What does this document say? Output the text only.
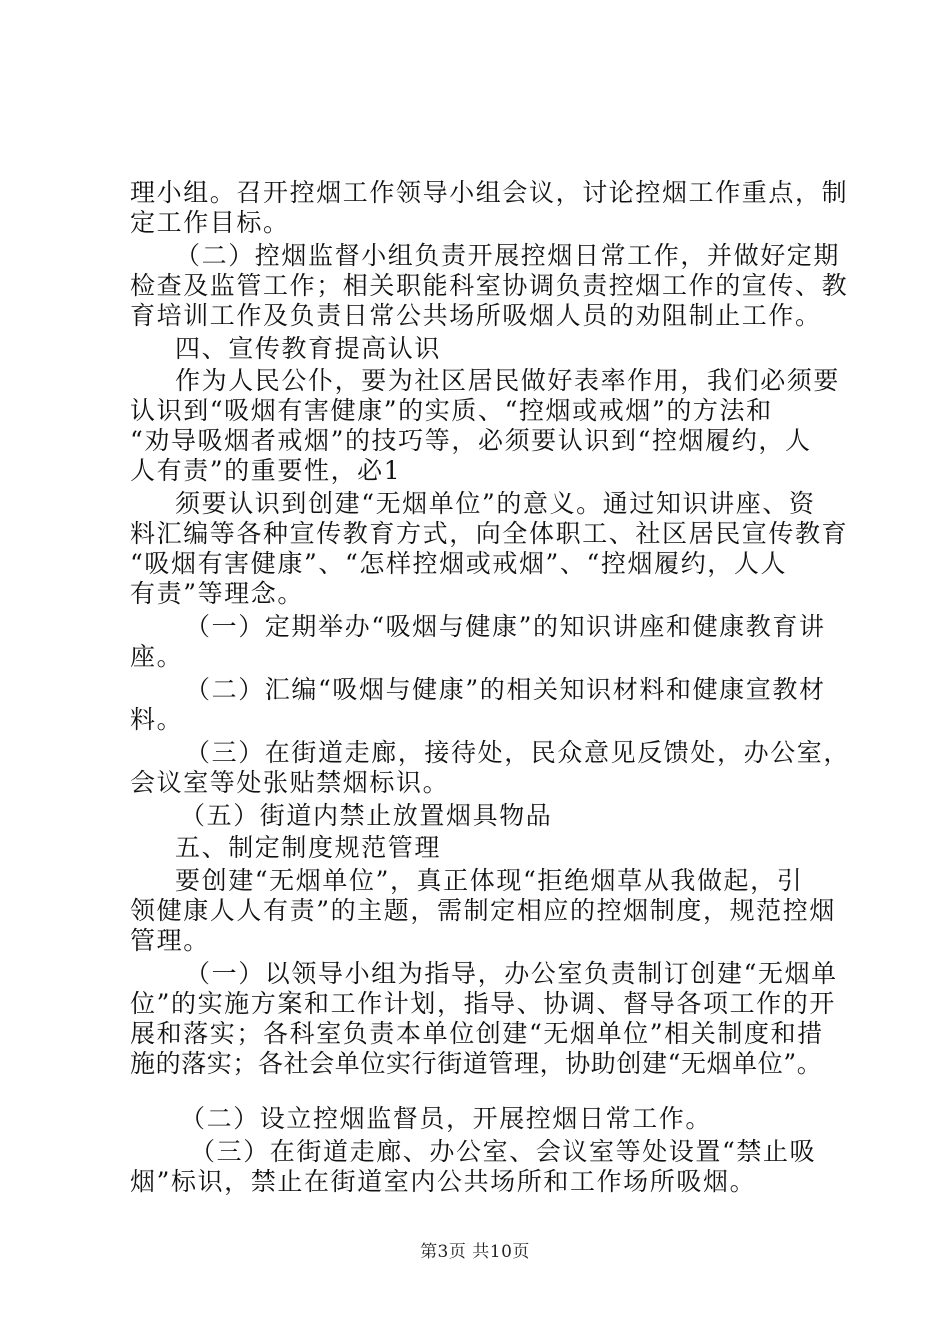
理小组。召开控烟工作领导小组会议，讨论控烟工作重点，制
定工作目标。
（二）控烟监督小组负责开展控烟日常工作，并做好定期
检查及监管工作；相关职能科室协调负责控烟工作的宣传、教
育培训工作及负责日常公共场所吸烟人员的劝阻制止工作。
四、宣传教育提高认识
作为人民公仆，要为社区居民做好表率作用，我们必须要
认识到“吸烟有害健康”的实质、“控烟或戒烟”的方法和
“劝导吸烟者戒烟”的技巧等，必须要认识到“控烟履约，人
人有责”的重要性，必1
须要认识到创建“无烟单位”的意义。通过知识讲座、资
料汇编等各种宣传教育方式，向全体职工、社区居民宣传教育
“吸烟有害健康”、“怎样控烟或戒烟”、“控烟履约，人人
有责”等理念。
（一）定期举办“吸烟与健康”的知识讲座和健康教育讲
座。
（二）汇编“吸烟与健康”的相关知识材料和健康宣教材
料。
（三）在街道走廊，接待处，民众意见反馈处，办公室，
会议室等处张贴禁烟标识。
（五）街道内禁止放置烟具物品
五、制定制度规范管理
要创建“无烟单位”，真正体现“拒绝烟草从我做起，引
领健康人人有责”的主题，需制定相应的控烟制度，规范控烟
管理。
（一）以领导小组为指导，办公室负责制订创建“无烟单
位”的实施方案和工作计划，指导、协调、督导各项工作的开
展和落实；各科室负责本单位创建“无烟单位”相关制度和措
施的落实；各社会单位实行街道管理，协助创建“无烟单位”。
（二）设立控烟监督员，开展控烟日常工作。
（三）在街道走廊、办公室、会议室等处设置“禁止吸
烟”标识，禁止在街道室内公共场所和工作场所吸烟。
第3页 共10页
